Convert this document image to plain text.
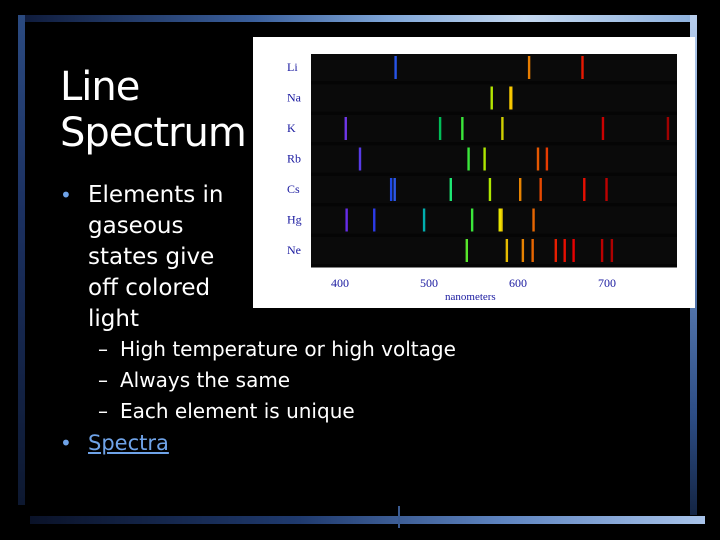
Line
Spectrum
Li
Na
K
Rb
Cs
Hg
Ne
400	500	600	700
nanometers
• Elements in gaseous states give off colored light
– High temperature or high voltage
– Always the same
– Each element is unique
• Spectra
